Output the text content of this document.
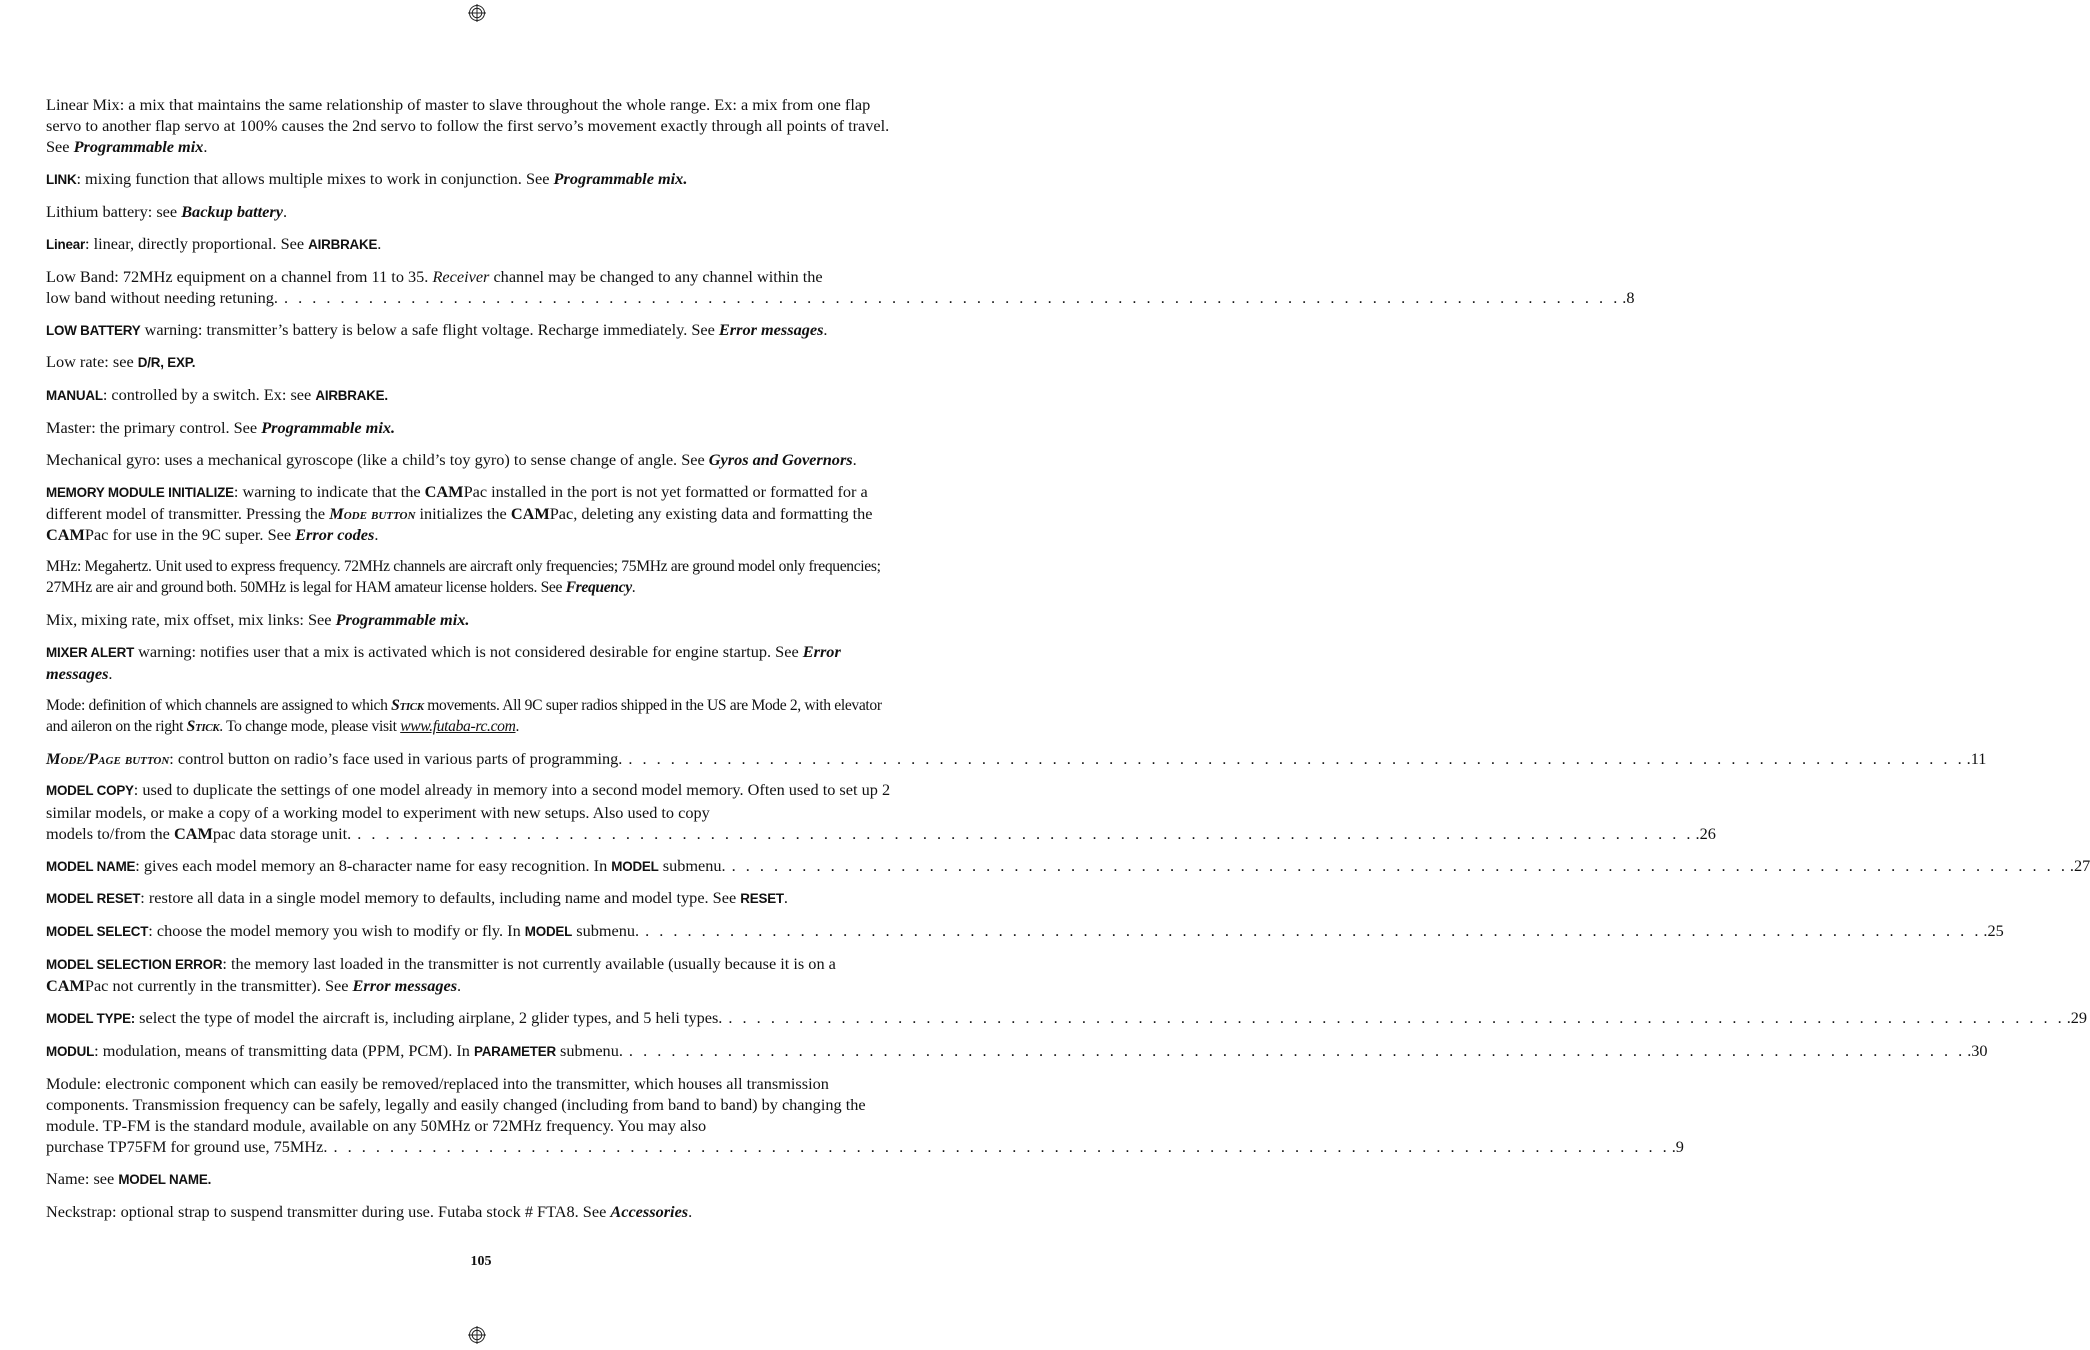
Linear Mix: a mix that maintains the same relationship of master to slave throughout the whole range. Ex: a mix from one flap servo to another flap servo at 100% causes the 2nd servo to follow the first servo’s movement exactly through all points of travel. See Programmable mix.

LINK: mixing function that allows multiple mixes to work in conjunction. See Programmable mix.

Lithium battery: see Backup battery.

Linear: linear, directly proportional. See AIRBRAKE.

Low Band: 72MHz equipment on a channel from 11 to 35. Receiver channel may be changed to any channel within the
low band without needing retuning. . . . . . . . . . . . . . . . . . . . . . . . . . . . . . . . . . . . . . . . . . . . . . . . . . . . . . . . . . . . . . . . . . . . . . . . . . . . . . . . . . . . . . . . . . . . . . . . .8

LOW BATTERY warning: transmitter’s battery is below a safe flight voltage. Recharge immediately. See Error messages.

Low rate: see D/R, EXP.

MANUAL: controlled by a switch. Ex: see AIRBRAKE.

Master: the primary control. See Programmable mix.

Mechanical gyro: uses a mechanical gyroscope (like a child’s toy gyro) to sense change of angle. See Gyros and Governors.

MEMORY MODULE INITIALIZE: warning to indicate that the CAMPac installed in the port is not yet formatted or formatted for a different model of transmitter. Pressing the Mode button initializes the CAMPac, deleting any existing data and formatting the CAMPac for use in the 9C super. See Error codes.

MHz: Megahertz. Unit used to express frequency. 72MHz channels are aircraft only frequencies; 75MHz are ground model only frequencies; 27MHz are air and ground both. 50MHz is legal for HAM amateur license holders. See Frequency.

Mix, mixing rate, mix offset, mix links: See Programmable mix.

MIXER ALERT warning: notifies user that a mix is activated which is not considered desirable for engine startup. See Error messages.

Mode: definition of which channels are assigned to which Stick movements. All 9C super radios shipped in the US are Mode 2, with elevator and aileron on the right Stick. To change mode, please visit www.futaba-rc.com.

Mode/Page button: control button on radio’s face used in various parts of programming. . . . . . . . . . . . . . . . . . . . . . . . . . . . . . . . . . . . . . . . . . . . . . . . . . . . . . . . . . . . . . . . . . . . . . . . . . . . . . . . . . . . . . . . . . . . . . . . .11
MODEL COPY: used to duplicate the settings of one model already in memory into a second model memory. Often used to set up 2 similar models, or make a copy of a working model to experiment with new setups. Also used to copy
models to/from the CAMpac data storage unit. . . . . . . . . . . . . . . . . . . . . . . . . . . . . . . . . . . . . . . . . . . . . . . . . . . . . . . . . . . . . . . . . . . . . . . . . . . . . . . . . . . . . . . . . . . . . . . . .26
MODEL NAME: gives each model memory an 8-character name for easy recognition. In MODEL submenu. . . . . . . . . . . . . . . . . . . . . . . . . . . . . . . . . . . . . . . . . . . . . . . . . . . . . . . . . . . . . . . . . . . . . . . . . . . . . . . . . . . . . . . . . . . . . . . . .27

MODEL RESET: restore all data in a single model memory to defaults, including name and model type. See RESET.

MODEL SELECT: choose the model memory you wish to modify or fly. In MODEL submenu. . . . . . . . . . . . . . . . . . . . . . . . . . . . . . . . . . . . . . . . . . . . . . . . . . . . . . . . . . . . . . . . . . . . . . . . . . . . . . . . . . . . . . . . . . . . . . . . .25

MODEL SELECTION ERROR: the memory last loaded in the transmitter is not currently available (usually because it is on a CAMPac not currently in the transmitter). See Error messages.

MODEL TYPE: select the type of model the aircraft is, including airplane, 2 glider types, and 5 heli types. . . . . . . . . . . . . . . . . . . . . . . . . . . . . . . . . . . . . . . . . . . . . . . . . . . . . . . . . . . . . . . . . . . . . . . . . . . . . . . . . . . . . . . . . . . . . . . . .29
MODUL: modulation, means of transmitting data (PPM, PCM). In PARAMETER submenu. . . . . . . . . . . . . . . . . . . . . . . . . . . . . . . . . . . . . . . . . . . . . . . . . . . . . . . . . . . . . . . . . . . . . . . . . . . . . . . . . . . . . . . . . . . . . . . . .30
Module: electronic component which can easily be removed/replaced into the transmitter, which houses all transmission components. Transmission frequency can be safely, legally and easily changed (including from band to band) by changing the module. TP-FM is the standard module, available on any 50MHz or 72MHz frequency. You may also
purchase TP75FM for ground use, 75MHz. . . . . . . . . . . . . . . . . . . . . . . . . . . . . . . . . . . . . . . . . . . . . . . . . . . . . . . . . . . . . . . . . . . . . . . . . . . . . . . . . . . . . . . . . . . . . . . . .9

Name: see MODEL NAME.

Neckstrap: optional strap to suspend transmitter during use. Futaba stock # FTA8. See Accessories.

105
